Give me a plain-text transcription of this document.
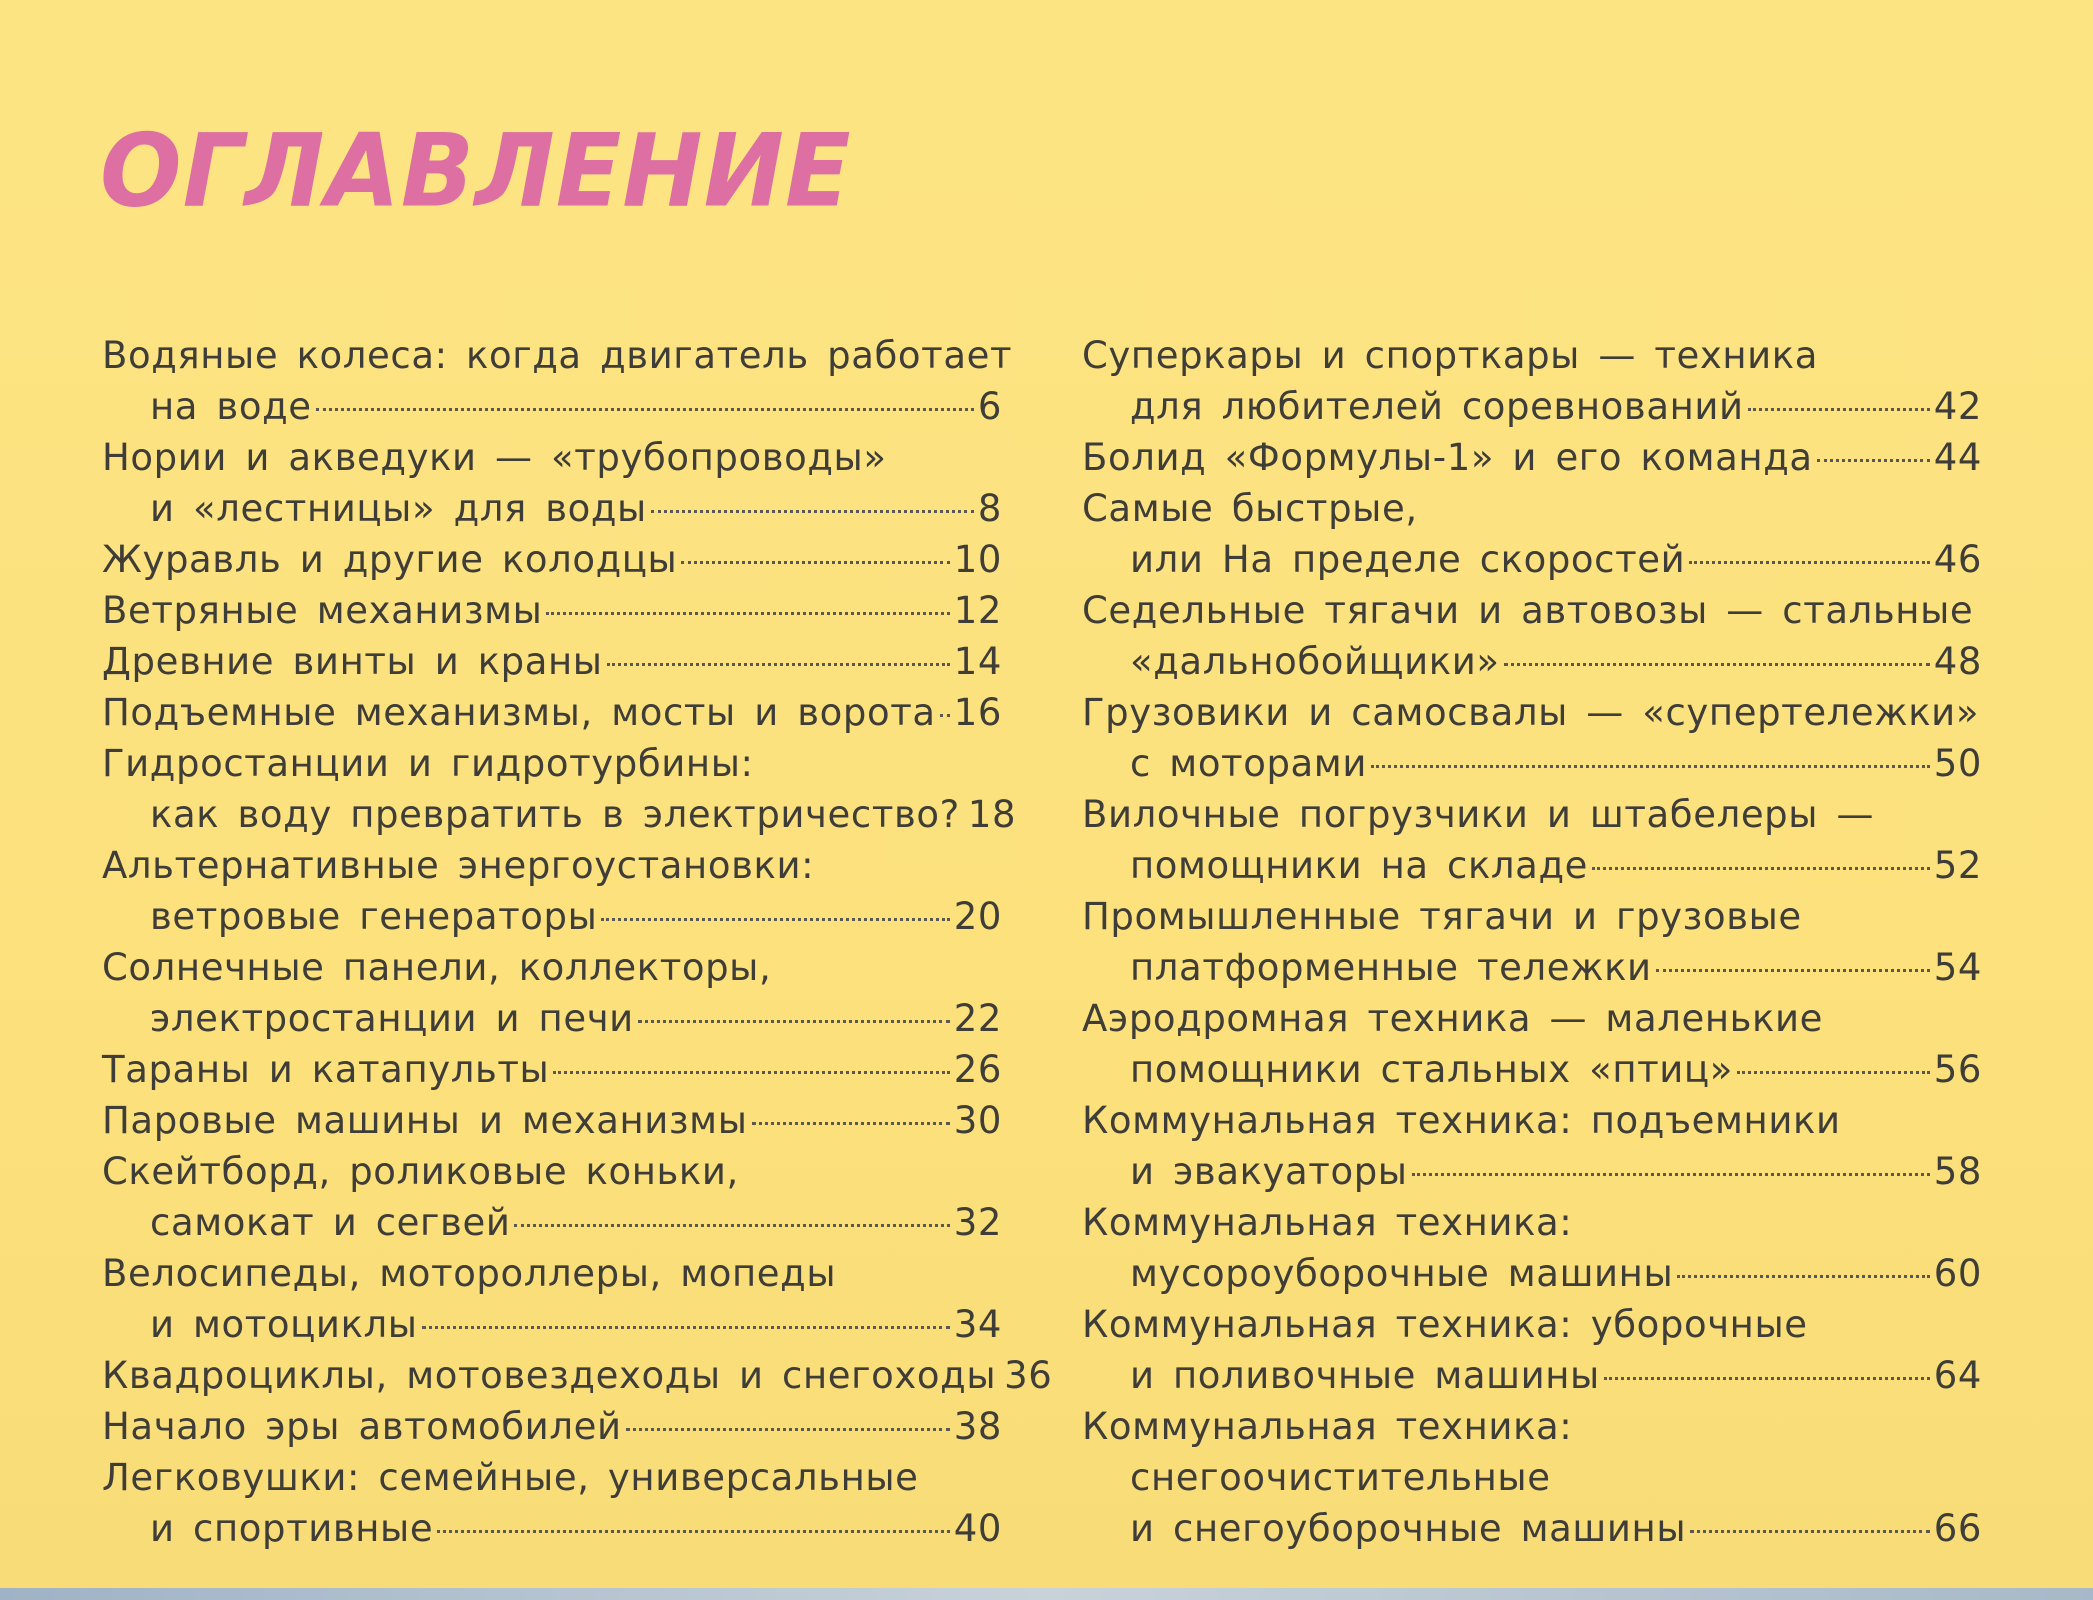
ОГЛАВЛЕНИЕ
Водяные колеса: когда двигатель работает
на воде	6
Нории и акведуки — «трубопроводы»
и «лестницы» для воды	8
Журавль и другие колодцы	10
Ветряные механизмы	12
Древние винты и краны	14
Подъемные механизмы, мосты и ворота 16
Гидростанции и гидротурбины:
как воду превратить в электричество? 18
Альтернативные энергоустановки:
ветровые генераторы	20
Солнечные панели, коллекторы,
электростанции и печи	22
Тараны и катапульты	26
Паровые машины и механизмы	30
Скейтборд, роликовые коньки,
самокат и сегвей	32
Велосипеды, мотороллеры, мопеды
и мотоциклы	34
Квадроциклы, мотовездеходы и снегоходы 36
Начало эры автомобилей	38
Легковушки: семейные, универсальные
и спортивные	40
Суперкары и спорткары — техника
для любителей соревнований	42
Болид «Формулы-1» и его команда	44
Самые быстрые,
или На пределе скоростей	46
Седельные тягачи и автовозы — стальные
«дальнобойщики»	48
Грузовики и самосвалы — «супертележки»
с моторами	50
Вилочные погрузчики и штабелеры —
помощники на складе	52
Промышленные тягачи и грузовые
платформенные тележки	54
Аэродромная техника — маленькие
помощники стальных «птиц»	56
Коммунальная техника: подъемники
и эвакуаторы	58
Коммунальная техника:
мусороуборочные машины	60
Коммунальная техника: уборочные
и поливочные машины	64
Коммунальная техника:
снегоочистительные
и снегоуборочные машины	66
